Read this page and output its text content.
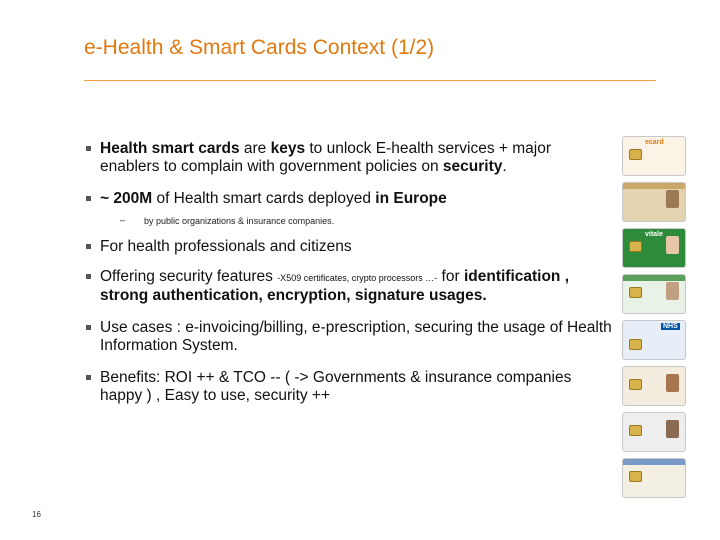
e-Health & Smart Cards Context (1/2)

Health smart cards are keys to unlock E-health services + major enablers to complain with government policies on security.

~ 200M of Health smart cards deployed in Europe

– by public organizations & insurance companies.

For health professionals and citizens

Offering security features -X509 certificates, crypto processors …- for identification , strong authentication, encryption, signature usages.

Use cases : e-invoicing/billing, e-prescription, securing the usage of Health Information System.

Benefits: ROI ++ & TCO -- ( -> Governments & insurance companies happy ) , Easy to use, security ++

ecard
vitale
NHS
16
